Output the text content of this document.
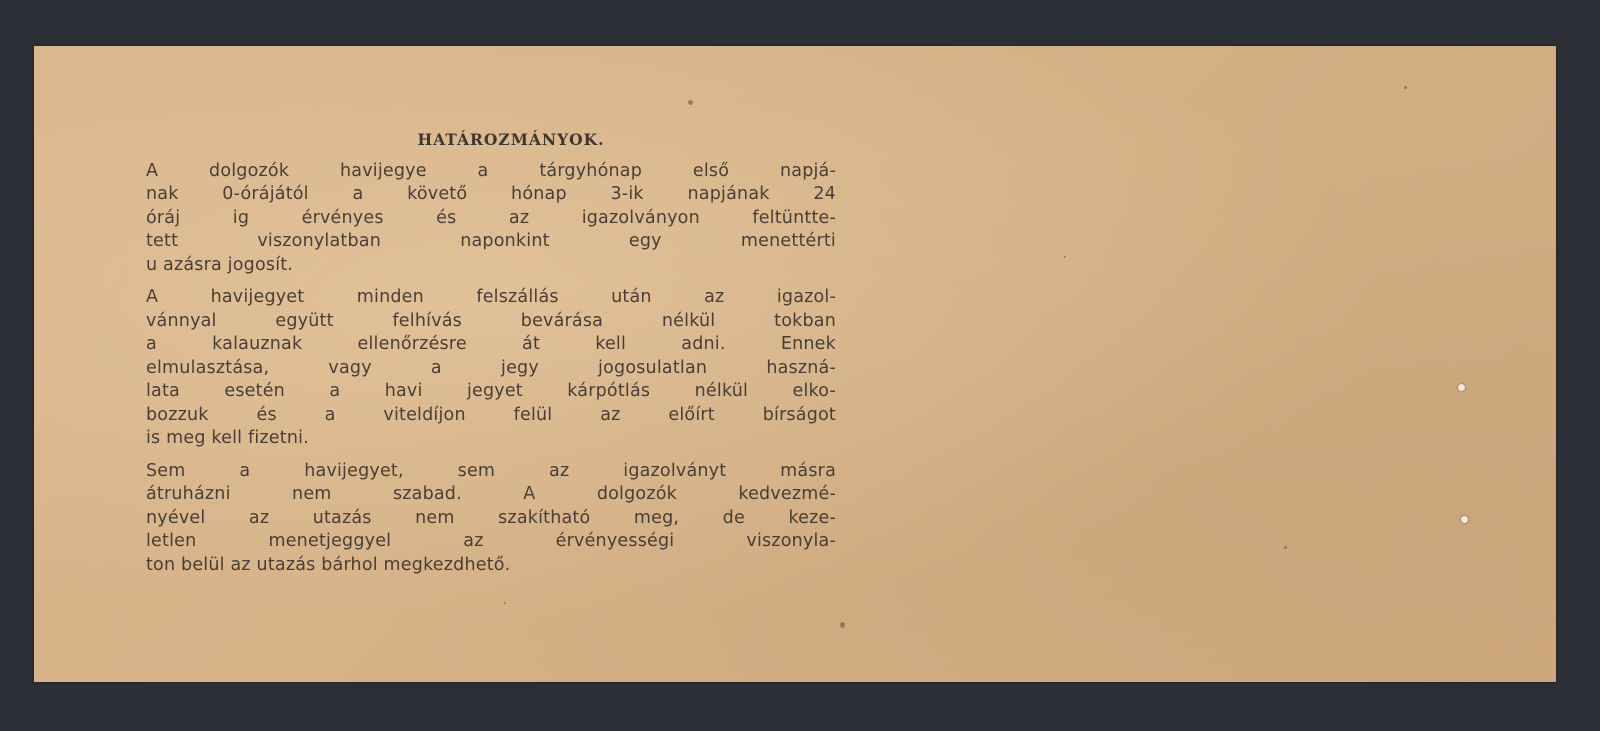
HATÁROZMÁNYOK.
A dolgozók havijegye a tárgyhónap első napjá-
nak 0-órájától a követő hónap 3-ik napjának 24
óráj ig érvényes és az igazolványon feltüntte-
tett viszonylatban naponkint egy menettérti
u azásra jogosít.
A havijegyet minden felszállás után az igazol-
vánnyal együtt felhívás bevárása nélkül tokban
a kalauznak ellenőrzésre át kell adni. Ennek
elmulasztása, vagy a jegy jogosulatlan haszná-
lata esetén a havi jegyet kárpótlás nélkül elko-
bozzuk és a viteldíjon felül az előírt bírságot
is meg kell fizetni.
Sem a havijegyet, sem az igazolványt másra
átruházni nem szabad. A dolgozók kedvezmé-
nyével az utazás nem szakítható meg, de keze-
letlen menetjeggyel az érvényességi viszonyla-
ton belül az utazás bárhol megkezdhető.
